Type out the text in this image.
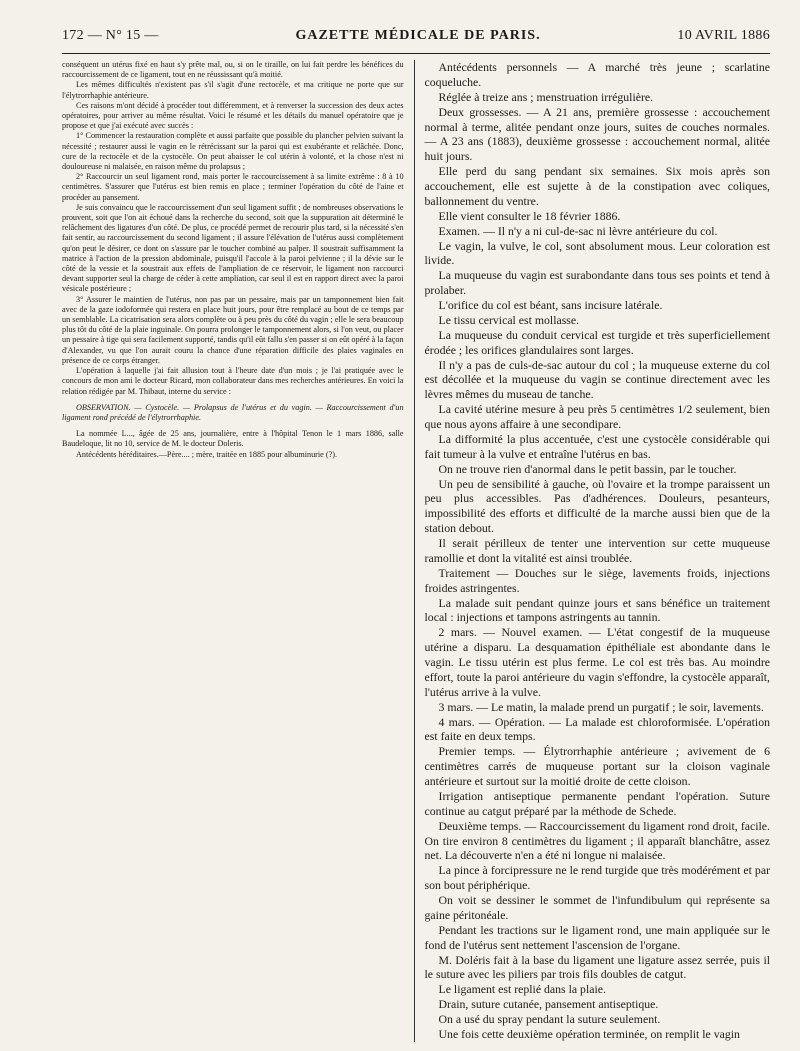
172 — N° 15 —	GAZETTE MÉDICALE DE PARIS.	10 AVRIL 1886

conséquent un utérus fixé en haut s'y prête mal, ou, si on le tiraille, on lui fait perdre les bénéfices du raccourcissement de ce ligament, tout en ne réussissant qu'à moitié.

Les mêmes difficultés n'existent pas s'il s'agit d'une rectocèle, et ma critique ne porte que sur l'élytrorrhaphie antérieure.

Ces raisons m'ont décidé à procéder tout différemment, et à renverser la succession des deux actes opératoires, pour arriver au même résultat. Voici le résumé et les détails du manuel opératoire que je propose et que j'ai exécuté avec succès :

1° Commencer la restauration complète et aussi parfaite que possible du plancher pelvien suivant la nécessité ; restaurer aussi le vagin en le rétrécissant sur la paroi qui est exubérante et relâchée. Donc, cure de la rectocèle et de la cystocèle. On peut abaisser le col utérin à volonté, et la chose n'est ni douloureuse ni malaisée, en raison même du prolapsus ;

2° Raccourcir un seul ligament rond, mais porter le raccourcissement à sa limite extrême : 8 à 10 centimètres. S'assurer que l'utérus est bien remis en place ; terminer l'opération du côté de l'aine et procéder au pansement.

Je suis convaincu que le raccourcissement d'un seul ligament suffit ; de nombreuses observations le prouvent, soit que l'on ait échoué dans la recherche du second, soit que la suppuration ait déterminé le relâchement des ligatures d'un côté. De plus, ce procédé permet de recourir plus tard, si la nécessité s'en fait sentir, au raccourcissement du second ligament ; il assure l'élévation de l'utérus aussi complètement qu'on peut le désirer, ce dont on s'assure par le toucher combiné au palper. Il soustrait suffisamment la matrice à l'action de la pression abdominale, puisqu'il l'accole à la paroi pelvienne ; il la dévie sur le côté de la vessie et la soustrait aux effets de l'ampliation de ce réservoir, le ligament non raccourci devant supporter seul la charge de céder à cette ampliation, car seul il est en rapport direct avec la paroi vésicale postérieure ;

3° Assurer le maintien de l'utérus, non pas par un pessaire, mais par un tamponnement bien fait avec de la gaze iodoformée qui restera en place huit jours, pour être remplacé au bout de ce temps par un semblable. La cicatrisation sera alors complète ou à peu près du côté du vagin ; elle le sera beaucoup plus tôt du côté de la plaie inguinale. On pourra prolonger le tamponnement alors, si l'on veut, ou placer un pessaire à tige qui sera facilement supporté, tandis qu'il eût fallu s'en passer si on eût opéré à la façon d'Alexander, vu que l'on aurait couru la chance d'une réparation difficile des plaies vaginales en présence de ce corps étranger.

L'opération à laquelle j'ai fait allusion tout à l'heure date d'un mois ; je l'ai pratiquée avec le concours de mon ami le docteur Ricard, mon collaborateur dans mes recherches antérieures. En voici la relation rédigée par M. Thibaut, interne du service :

OBSERVATION. — Cystocèle. — Prolapsus de l'utérus et du vagin. — Raccourcissement d'un ligament rond précédé de l'élytrorrhaphie.

La nommée L..., âgée de 25 ans, journalière, entre à l'hôpital Tenon le 1 mars 1886, salle Baudeloque, lit no 10, service de M. le docteur Doleris.

Antécédents héréditaires.—Père.... ; mère, traitée en 1885 pour albuminurie (?).

Antécédents personnels — A marché très jeune ; scarlatine coqueluche.

Réglée à treize ans ; menstruation irrégulière.

Deux grossesses. — A 21 ans, première grossesse : accouchement normal à terme, alitée pendant onze jours, suites de couches normales. — A 23 ans (1883), deuxième grossesse : accouchement normal, alitée huit jours.

Elle perd du sang pendant six semaines. Six mois après son accouchement, elle est sujette à de la constipation avec coliques, ballonnement du ventre.

Elle vient consulter le 18 février 1886.

Examen. — Il n'y a ni cul-de-sac ni lèvre antérieure du col.

Le vagin, la vulve, le col, sont absolument mous. Leur coloration est livide.

La muqueuse du vagin est surabondante dans tous ses points et tend à prolaber.

L'orifice du col est béant, sans incisure latérale.

Le tissu cervical est mollasse.

La muqueuse du conduit cervical est turgide et très superficiellement érodée ; les orifices glandulaires sont larges.

Il n'y a pas de culs-de-sac autour du col ; la muqueuse externe du col est décollée et la muqueuse du vagin se continue directement avec les lèvres mêmes du museau de tanche.

La cavité utérine mesure à peu près 5 centimètres 1/2 seulement, bien que nous ayons affaire à une secondipare.

La difformité la plus accentuée, c'est une cystocèle considérable qui fait tumeur à la vulve et entraîne l'utérus en bas.

On ne trouve rien d'anormal dans le petit bassin, par le toucher.

Un peu de sensibilité à gauche, où l'ovaire et la trompe paraissent un peu plus accessibles. Pas d'adhérences. Douleurs, pesanteurs, impossibilité des efforts et difficulté de la marche aussi bien que de la station debout.

Il serait périlleux de tenter une intervention sur cette muqueuse ramollie et dont la vitalité est ainsi troublée.

Traitement — Douches sur le siège, lavements froids, injections froides astringentes.

La malade suit pendant quinze jours et sans bénéfice un traitement local : injections et tampons astringents au tannin.

2 mars. — Nouvel examen. — L'état congestif de la muqueuse utérine a disparu. La desquamation épithéliale est abondante dans le vagin. Le tissu utérin est plus ferme. Le col est très bas. Au moindre effort, toute la paroi antérieure du vagin s'effondre, la cystocèle apparaît, l'utérus arrive à la vulve.

3 mars. — Le matin, la malade prend un purgatif ; le soir, lavements.

4 mars. — Opération. — La malade est chloroformisée. L'opération est faite en deux temps.

Premier temps. — Élytrorrhaphie antérieure ; avivement de 6 centimètres carrés de muqueuse portant sur la cloison vaginale antérieure et surtout sur la moitié droite de cette cloison.

Irrigation antiseptique permanente pendant l'opération. Suture continue au catgut préparé par la méthode de Schede.

Deuxième temps. — Raccourcissement du ligament rond droit, facile. On tire environ 8 centimètres du ligament ; il apparaît blanchâtre, assez net. La découverte n'en a été ni longue ni malaisée.

La pince à forcipressure ne le rend turgide que très modérément et par son bout périphérique.

On voit se dessiner le sommet de l'infundibulum qui représente sa gaine péritonéale.

Pendant les tractions sur le ligament rond, une main appliquée sur le fond de l'utérus sent nettement l'ascension de l'organe.

M. Doléris fait à la base du ligament une ligature assez serrée, puis il le suture avec les piliers par trois fils doubles de catgut.

Le ligament est replié dans la plaie.

Drain, suture cutanée, pansement antiseptique.

On a usé du spray pendant la suture seulement.

Une fois cette deuxième opération terminée, on remplit le vagin
